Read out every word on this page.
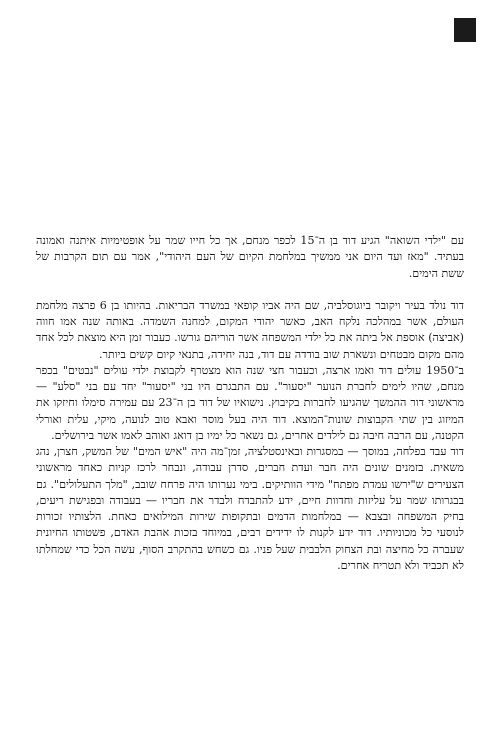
עם "ילדי השואה" הגיע דוד בן ה־15 לכפר מנחם, אך כל חייו שמר על אופטימיות איתנה ואמונה בעתיד. "מאז ועד היום אני ממשיך במלחמת הקיום של העם היהודי", אמר עם תום הקרבות של ששת הימים.

דוד נולד בעיר ויקובר ביוגוסלביה, שם היה אביו קופאי במשרד הבריאות. בהיותו בן 6 פרצה מלחמת העולם, אשר במהלכה נלקח האב, כאשר יהודי המקום, למחנה השמדה. באותה שנה אמו חווה (אביצה) אוספת אל ביתה את כל ילדי המשפחה אשר הוריהם גורשו. כעבור זמן היא מוצאת לכל אחד מהם מקום מבטחים ונשארת שוב בודדה עם דוד, בנה יחידה, בתנאי קיום קשים ביותר.

ב־1950 עולים דוד ואמו ארצה, וכעבור חצי שנה הוא מצטרף לקבוצת ילדי עולים "נבטים" בכפר מנחם, שהיו לימים לחברת הנוער "יסעור". עם התבגרם היו בני "יסעור" יחד עם בני "סלע" — מראשוני דור ההמשך שהגיעו לחברות בקיבוץ. נישואיו של דוד בן ה־23 עם עמירה סימלו וחיזקו את המיזוג בין שתי הקבוצות שונות־המוצא. דוד היה בעל מוסר ואבא טוב לנועה, מיקי, עלית ואורלי הקטנה, עם הרבה חיבה גם לילדים אחרים, גם נשאר כל ימיו בן דואג ואוהב לאמו אשר בירושלים.

דוד עבד בפלחה, במוסך — במסגרות ובאינסטלציה, זמן־מה היה "איש המים" של המשק, חצרן, נהג משאית. בזמנים שונים היה חבר ועדת חברים, סדרן עבודה, ונבחר לרכז קניות כאחד מראשוני הצעירים ש"ירשו עמדת מפתח" מידי הוותיקים. בימי נערותו היה פרחח שובב, "מלך התעלולים". גם בבגרותו שמר על עליזות וחדוות חיים, ידע להתבדח ולבדר את חבריו — בעבודה ובפגישת ריעים, בחיק המשפחה ובצבא — במלחמות הדמים ובתקופות שירות המילואים כאחת. הלצותיו זכורות לנוסעי כל מכוניותיו. דוד ידע לקנות לו ידידים רבים, במיוחד בזכות אהבת האדם, פשטותו החיונית שעברה כל מחיצה ובת הצחוק הלבבית שעל פניו. גם כשחש בהתקרב הסוף, עשה הכל כדי שמחלתו לא תכביד ולא תטריח אחרים.
